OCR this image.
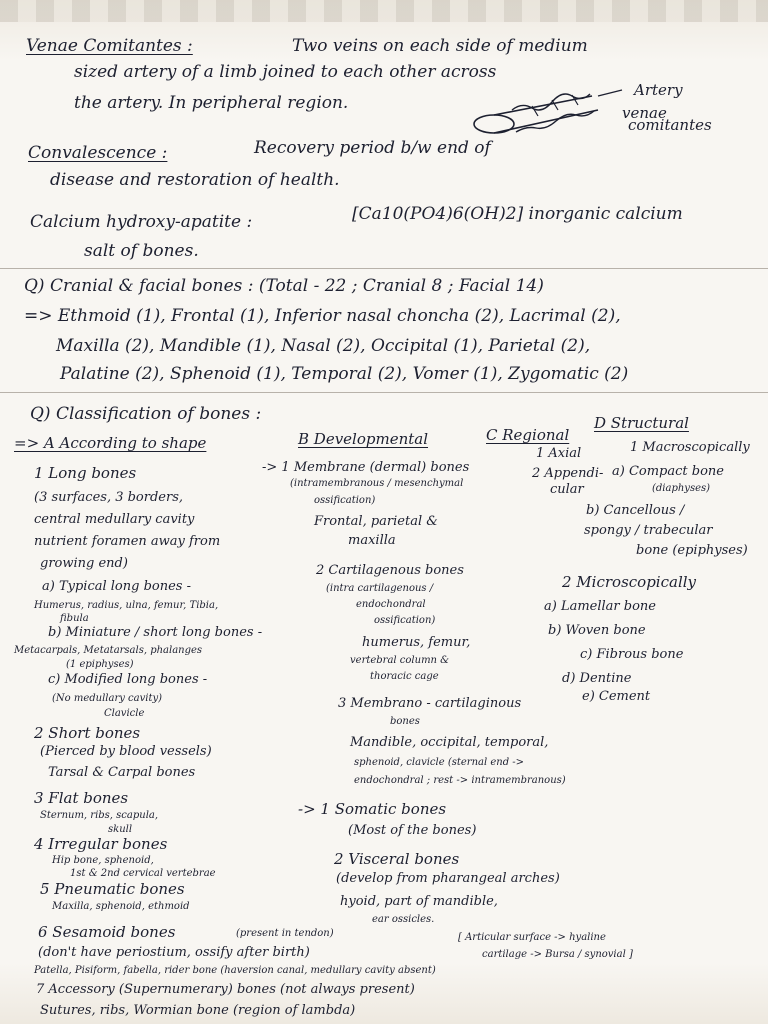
Venae Comitantes :	Two veins on each side of medium
sized artery of a limb joined to each other across
the artery. In peripheral region.
Artery
venae
comitantes
Convalescence :	Recovery period b/w end of
disease and restoration of health.
Calcium hydroxy-apatite :	[Ca10(PO4)6(OH)2] inorganic calcium
salt of bones.
Q) Cranial & facial bones : (Total - 22 ; Cranial 8 ; Facial 14)
=> Ethmoid (1), Frontal (1), Inferior nasal choncha (2), Lacrimal (2),
Maxilla (2), Mandible (1), Nasal (2), Occipital (1), Parietal (2),
Palatine (2), Sphenoid (1), Temporal (2), Vomer (1), Zygomatic (2)
Q) Classification of bones :
=> A According to shape	B Developmental	C Regional
D Structural
1 Long bones
(3 surfaces, 3 borders,
central medullary cavity
nutrient foramen away from
growing end)
a) Typical long bones -
Humerus, radius, ulna, femur, Tibia,
fibula
b) Miniature / short long bones -
Metacarpals, Metatarsals, phalanges
(1 epiphyses)
c) Modified long bones -
(No medullary cavity)
Clavicle
2 Short bones
(Pierced by blood vessels)
Tarsal & Carpal bones
3 Flat bones
Sternum, ribs, scapula,
skull
4 Irregular bones
Hip bone, sphenoid,
1st & 2nd cervical vertebrae
5 Pneumatic bones
Maxilla, sphenoid, ethmoid
6 Sesamoid bones	(present in tendon)
(don't have periostium, ossify after birth)
Patella, Pisiform, fabella, rider bone (haversion canal, medullary cavity absent)
7 Accessory (Supernumerary) bones (not always present)
Sutures, ribs, Wormian bone (region of lambda)
-> 1 Membrane (dermal) bones
(intramembranous / mesenchymal
ossification)
Frontal, parietal &
maxilla
2 Cartilagenous bones
(intra cartilagenous /
endochondral
ossification)
humerus, femur,
vertebral column &
thoracic cage
3 Membrano - cartilaginous
bones
Mandible, occipital, temporal,
sphenoid, clavicle (sternal end ->
endochondral ; rest -> intramembranous)
-> 1 Somatic bones
(Most of the bones)
2 Visceral bones
(develop from pharangeal arches)
hyoid, part of mandible,
ear ossicles.
[ Articular surface -> hyaline
cartilage -> Bursa / synovial ]
1 Axial
2 Appendi-
cular
1 Macroscopically
a) Compact bone
(diaphyses)
b) Cancellous /
spongy / trabecular
bone (epiphyses)
2 Microscopically
a) Lamellar bone
b) Woven bone
c) Fibrous bone
d) Dentine
e) Cement
